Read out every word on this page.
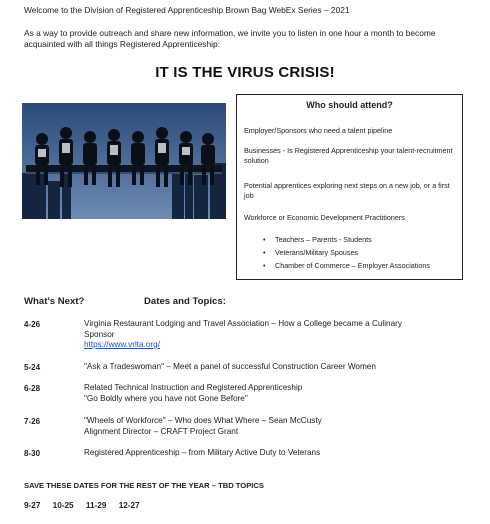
Welcome to the Division of Registered Apprenticeship Brown Bag WebEx Series – 2021
As a way to provide outreach and share new information, we invite you to listen in one hour a month to become acquainted with all things Registered Apprenticeship:
IT IS THE VIRUS CRISIS!
Who should attend?
Employer/Sponsors who need a talent pipeline
Businesses - Is Registered Apprenticeship your talent-recruitment solution
Potential apprentices exploring next steps on a new job, or a first job
Workforce or Economic Development Practitioners
• Teachers – Parents - Students
• Veterans/Military Spouses
• Chamber of Commerce – Employer Associations
What's Next?	Dates and Topics:
4-26	Virginia Restaurant Lodging and Travel Association – How a College became a Culinary
Sponsor
https://www.vrlta.org/
5-24	"Ask a Tradeswoman" – Meet a panel of successful Construction Career Women
6-28	Related Technical Instruction and Registered Apprenticeship
"Go Boldly where you have not Gone Before"
7-26	"Wheels of Workforce" – Who does What Where – Sean McCusty
Alignment Director – CRAFT Project Grant
8-30	Registered Apprenticeship – from Military Active Duty to Veterans
SAVE THESE DATES FOR THE REST OF THE YEAR – TBD TOPICS
9-27 10-25 11-29 12-27
